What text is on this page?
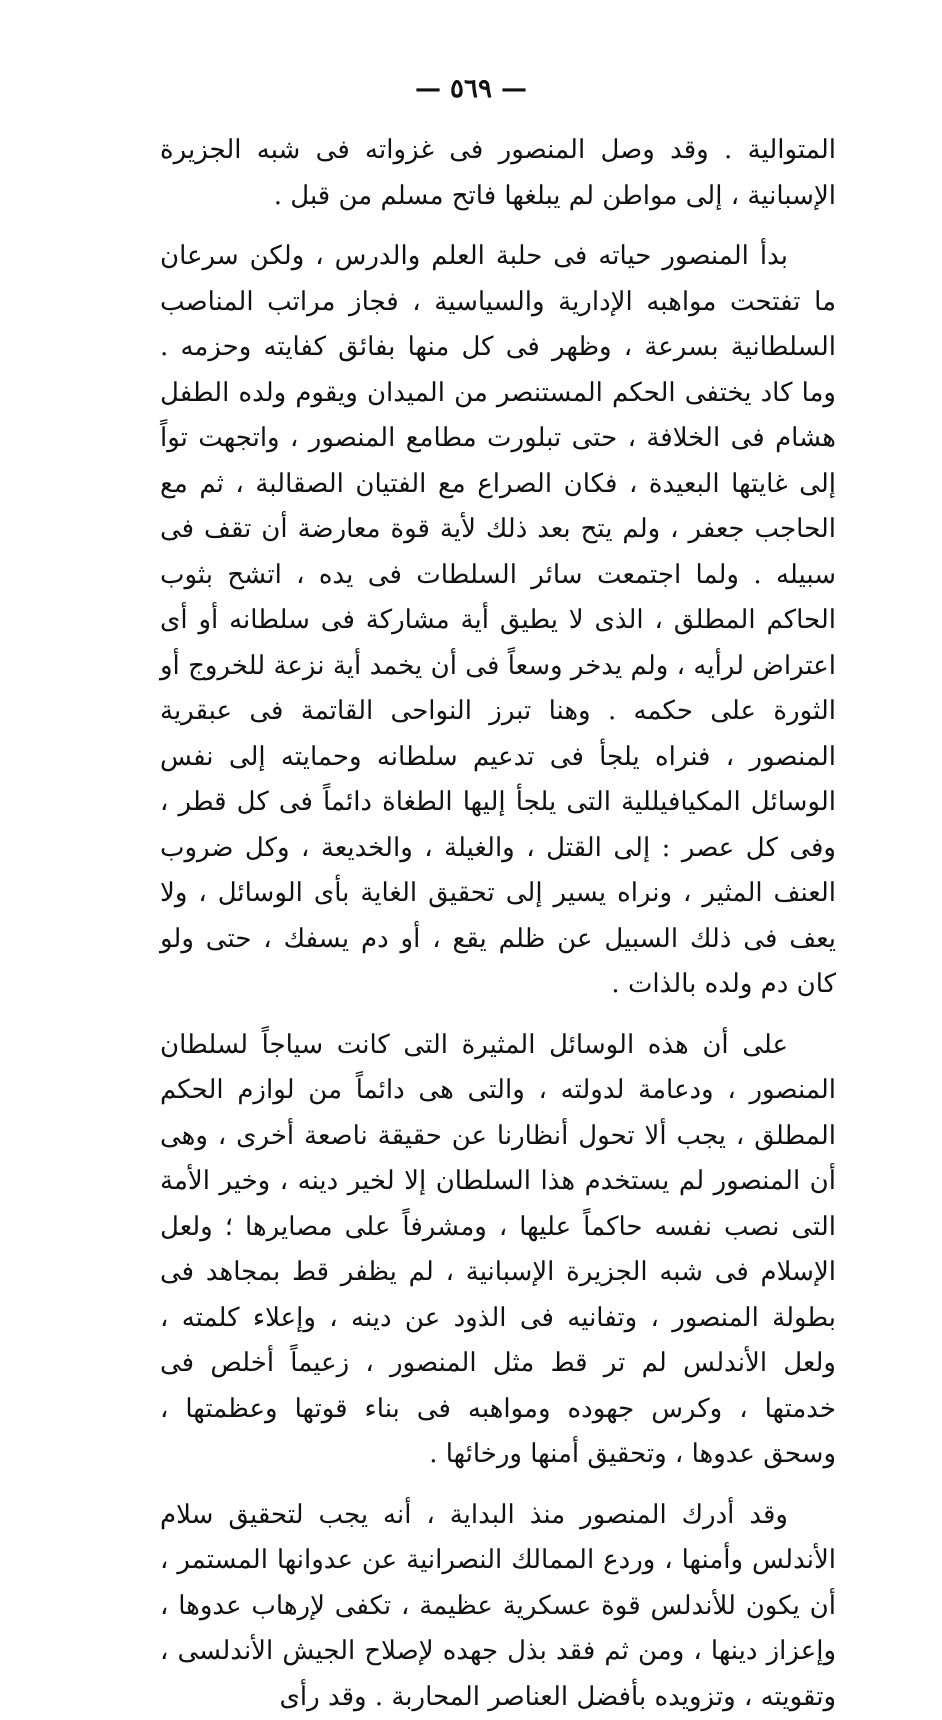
— ٥٦٩ —

المتوالية . وقد وصل المنصور فى غزواته فى شبه الجزيرة الإسبانية ، إلى مواطن لم يبلغها فاتح مسلم من قبل .

بدأ المنصور حياته فى حلبة العلم والدرس ، ولكن سرعان ما تفتحت مواهبه الإدارية والسياسية ، فجاز مراتب المناصب السلطانية بسرعة ، وظهر فى كل منها بفائق كفايته وحزمه . وما كاد يختفى الحكم المستنصر من الميدان ويقوم ولده الطفل هشام فى الخلافة ، حتى تبلورت مطامع المنصور ، واتجهت تواً إلى غايتها البعيدة ، فكان الصراع مع الفتيان الصقالبة ، ثم مع الحاجب جعفر ، ولم يتح بعد ذلك لأية قوة معارضة أن تقف فى سبيله . ولما اجتمعت سائر السلطات فى يده ، اتشح بثوب الحاكم المطلق ، الذى لا يطيق أية مشاركة فى سلطانه أو أى اعتراض لرأيه ، ولم يدخر وسعاً فى أن يخمد أية نزعة للخروج أو الثورة على حكمه . وهنا تبرز النواحى القاتمة فى عبقرية المنصور ، فنراه يلجأ فى تدعيم سلطانه وحمايته إلى نفس الوسائل المكيافيللية التى يلجأ إليها الطغاة دائماً فى كل قطر ، وفى كل عصر : إلى القتل ، والغيلة ، والخديعة ، وكل ضروب العنف المثير ، ونراه يسير إلى تحقيق الغاية بأى الوسائل ، ولا يعف فى ذلك السبيل عن ظلم يقع ، أو دم يسفك ، حتى ولو كان دم ولده بالذات .

على أن هذه الوسائل المثيرة التى كانت سياجاً لسلطان المنصور ، ودعامة لدولته ، والتى هى دائماً من لوازم الحكم المطلق ، يجب ألا تحول أنظارنا عن حقيقة ناصعة أخرى ، وهى أن المنصور لم يستخدم هذا السلطان إلا لخير دينه ، وخير الأمة التى نصب نفسه حاكماً عليها ، ومشرفاً على مصايرها ؛ ولعل الإسلام فى شبه الجزيرة الإسبانية ، لم يظفر قط بمجاهد فى بطولة المنصور ، وتفانيه فى الذود عن دينه ، وإعلاء كلمته ، ولعل الأندلس لم تر قط مثل المنصور ، زعيماً أخلص فى خدمتها ، وكرس جهوده ومواهبه فى بناء قوتها وعظمتها ، وسحق عدوها ، وتحقيق أمنها ورخائها .

وقد أدرك المنصور منذ البداية ، أنه يجب لتحقيق سلام الأندلس وأمنها ، وردع الممالك النصرانية عن عدوانها المستمر ، أن يكون للأندلس قوة عسكرية عظيمة ، تكفى لإرهاب عدوها ، وإعزاز دينها ، ومن ثم فقد بذل جهده لإصلاح الجيش الأندلسى ، وتقويته ، وتزويده بأفضل العناصر المحاربة . وقد رأى
